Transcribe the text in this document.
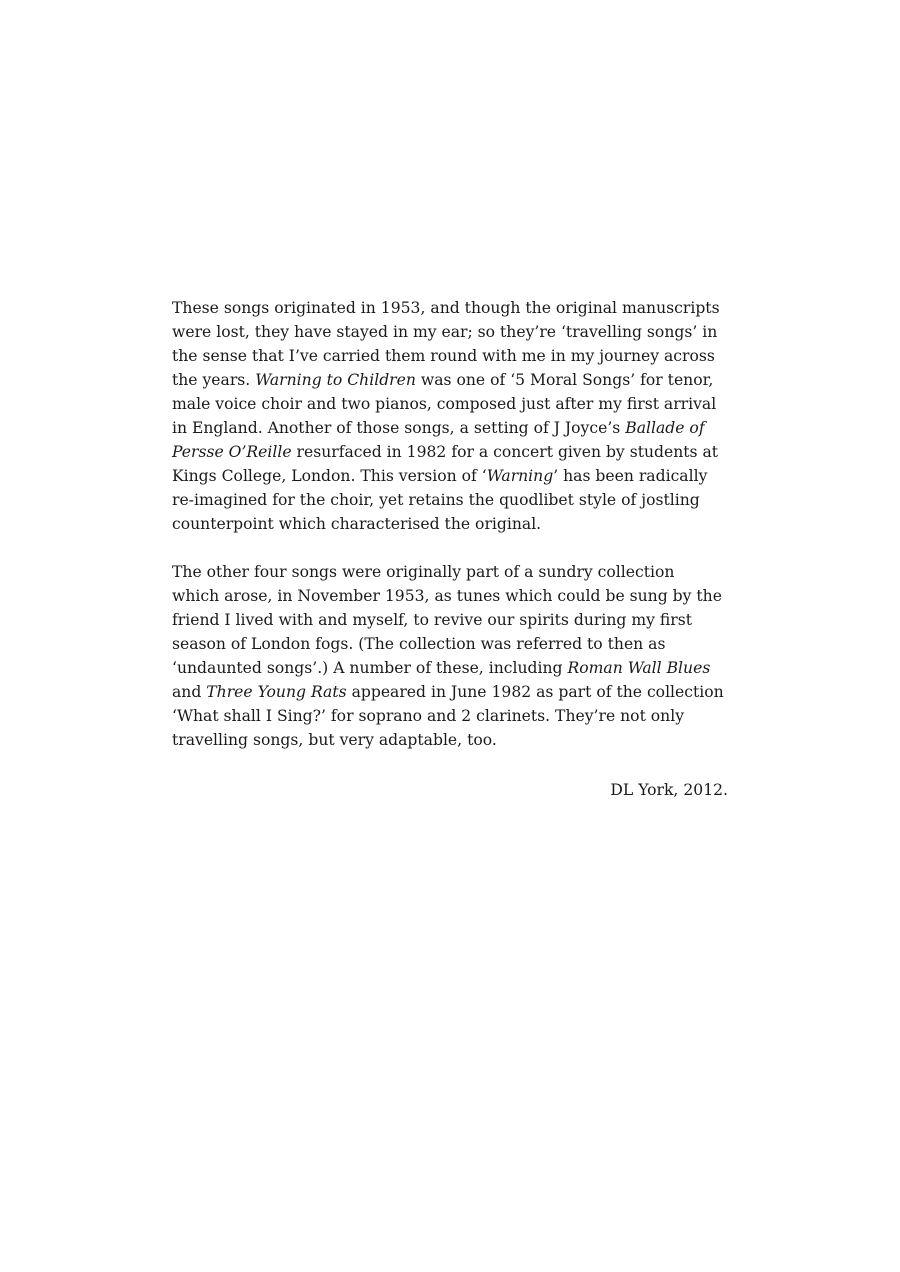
These songs originated in 1953, and though the original manuscripts
were lost, they have stayed in my ear; so they’re ‘travelling songs’ in
the sense that I’ve carried them round with me in my journey across
the years. Warning to Children was one of ‘5 Moral Songs’ for tenor,
male voice choir and two pianos, composed just after my first arrival
in England. Another of those songs, a setting of J Joyce’s Ballade of
Persse O’Reille resurfaced in 1982 for a concert given by students at
Kings College, London. This version of ‘Warning’ has been radically
re-imagined for the choir, yet retains the quodlibet style of jostling
counterpoint which characterised the original.

The other four songs were originally part of a sundry collection
which arose, in November 1953, as tunes which could be sung by the
friend I lived with and myself, to revive our spirits during my first
season of London fogs. (The collection was referred to then as
‘undaunted songs’.) A number of these, including Roman Wall Blues
and Three Young Rats appeared in June 1982 as part of the collection
‘What shall I Sing?’ for soprano and 2 clarinets. They’re not only
travelling songs, but very adaptable, too.

DL York, 2012.
